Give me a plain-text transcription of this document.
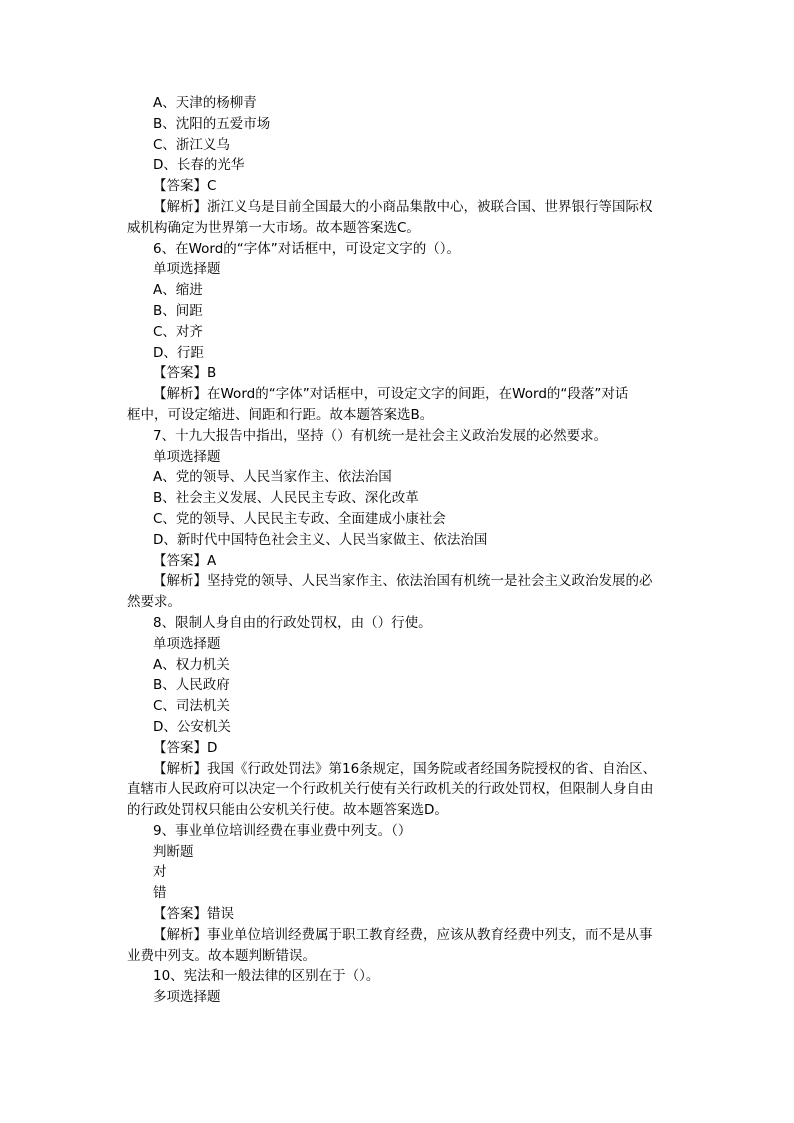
A、天津的杨柳青
B、沈阳的五爱市场
C、浙江义乌
D、长春的光华
【答案】C
【解析】浙江义乌是目前全国最大的小商品集散中心，被联合国、世界银行等国际权
威机构确定为世界第一大市场。故本题答案选C。
6、在Word的“字体”对话框中，可设定文字的（）。
单项选择题
A、缩进
B、间距
C、对齐
D、行距
【答案】B
【解析】在Word的“字体”对话框中，可设定文字的间距，在Word的“段落”对话
框中，可设定缩进、间距和行距。故本题答案选B。
7、十九大报告中指出，坚持（）有机统一是社会主义政治发展的必然要求。
单项选择题
A、党的领导、人民当家作主、依法治国
B、社会主义发展、人民民主专政、深化改革
C、党的领导、人民民主专政、全面建成小康社会
D、新时代中国特色社会主义、人民当家做主、依法治国
【答案】A
【解析】坚持党的领导、人民当家作主、依法治国有机统一是社会主义政治发展的必
然要求。
8、限制人身自由的行政处罚权，由（）行使。
单项选择题
A、权力机关
B、人民政府
C、司法机关
D、公安机关
【答案】D
【解析】我国《行政处罚法》第16条规定，国务院或者经国务院授权的省、自治区、
直辖市人民政府可以决定一个行政机关行使有关行政机关的行政处罚权，但限制人身自由
的行政处罚权只能由公安机关行使。故本题答案选D。
9、事业单位培训经费在事业费中列支。（）
判断题
对
错
【答案】错误
【解析】事业单位培训经费属于职工教育经费，应该从教育经费中列支，而不是从事
业费中列支。故本题判断错误。
10、宪法和一般法律的区别在于（）。
多项选择题
